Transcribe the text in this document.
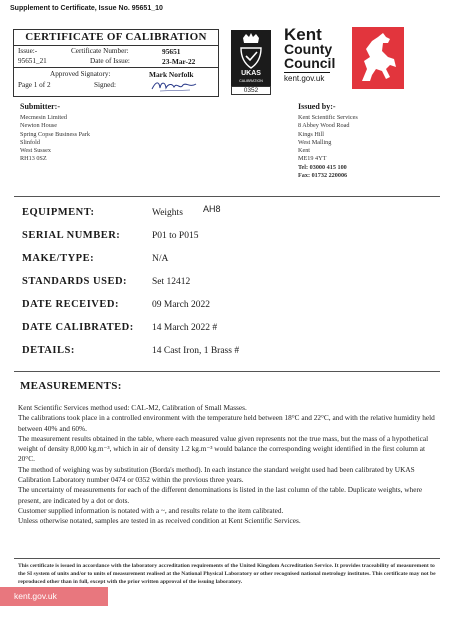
Supplement to Certificate, Issue No. 95651_10
CERTIFICATE OF CALIBRATION
Issue:-	Certificate Number:	95651
95651_21	Date of Issue:	23-Mar-22
Approved Signatory:	Mark Norfolk
Page 1 of 2	Signed:
UKAS
CALIBRATION
0352
Kent
County
Council
kent.gov.uk
Submitter:-
Mecmesin Limited
Newton House
Spring Copse Business Park
Slinfold
West Sussex
RH13 0SZ
Issued by:-
Kent Scientific Services
8 Abbey Wood Road
Kings Hill
West Malling
Kent
ME19 4YT
Tel: 03000 415 100
Fax: 01732 220006
EQUIPMENT:	Weights AH8
SERIAL NUMBER:	P01 to P015
MAKE/TYPE:	N/A
STANDARDS USED:	Set 12412
DATE RECEIVED:	09 March 2022
DATE CALIBRATED: 14 March 2022 #
DETAILS:	14 Cast Iron, 1 Brass #
MEASUREMENTS:

Kent Scientific Services method used: CAL-M2, Calibration of Small Masses.

The calibrations took place in a controlled environment with the temperature held between 18°C and 22°C, and with the relative humidity held between 40% and 60%.

The measurement results obtained in the table, where each measured value given represents not the true mass, but the mass of a hypothetical weight of density 8,000 kg.m⁻³, which in air of density 1.2 kg.m⁻³ would balance the corresponding weight identified in the first column at 20°C.

The method of weighing was by substitution (Borda's method). In each instance the standard weight used had been calibrated by UKAS Calibration Laboratory number 0474 or 0352 within the previous three years.

The uncertainty of measurements for each of the different denominations is listed in the last column of the table. Duplicate weights, where present, are indicated by a dot or dots.

Customer supplied information is notated with a ~, and results relate to the item calibrated.

Unless otherwise notated, samples are tested in as received condition at Kent Scientific Services.

This certificate is issued in accordance with the laboratory accreditation requirements of the United Kingdom Accreditation Service. It provides traceability of measurement to the SI system of units and/or to units of measurement realised at the National Physical Laboratory or other recognised national metrology institutes. This certificate may not be reproduced other than in full, except with the prior written approval of the issuing laboratory.
kent.gov.uk
